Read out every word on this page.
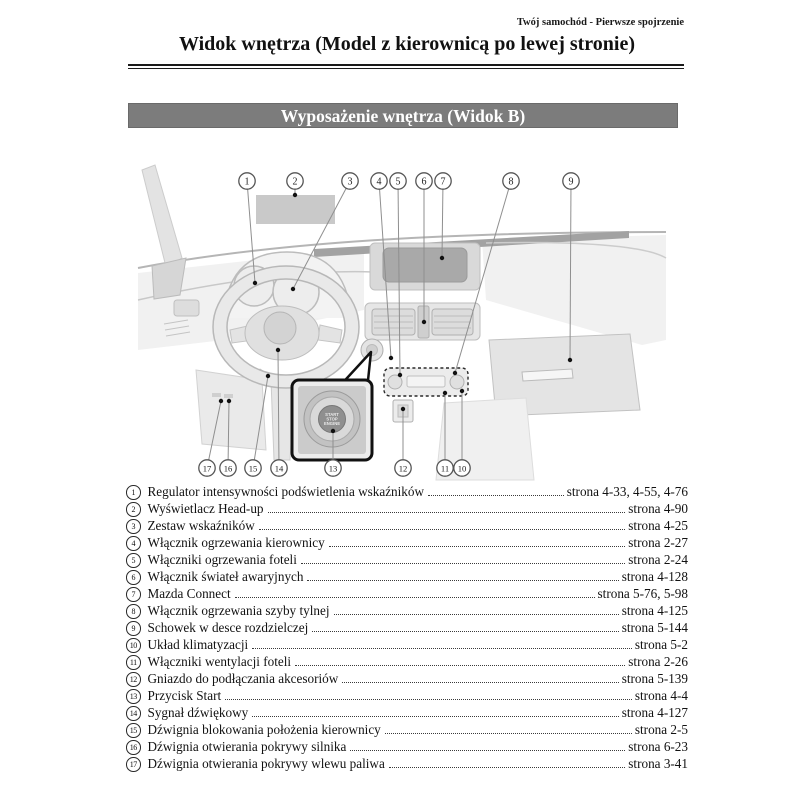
Twój samochód - Pierwsze spojrzenie
Widok wnętrza (Model z kierownicą po lewej stronie)
Wyposażenie wnętrza (Widok B)
START
STOP
ENGINE
1	2	3 4 5 6 7	8	9
10
11
12
13
14
15
16
17
1 Regulator intensywności podświetlenia wskaźników	strona 4-33, 4-55, 4-76
2 Wyświetlacz Head-up	strona 4-90
3 Zestaw wskaźników	strona 4-25
4 Włącznik ogrzewania kierownicy	strona 2-27
5 Włączniki ogrzewania foteli	strona 2-24
6 Włącznik świateł awaryjnych	strona 4-128
7 Mazda Connect	strona 5-76, 5-98
8 Włącznik ogrzewania szyby tylnej	strona 4-125
9 Schowek w desce rozdzielczej	strona 5-144
10 Układ klimatyzacji	strona 5-2
11 Włączniki wentylacji foteli	strona 2-26
12 Gniazdo do podłączania akcesoriów	strona 5-139
13 Przycisk Start	strona 4-4
14 Sygnał dźwiękowy	strona 4-127
15 Dźwignia blokowania położenia kierownicy	strona 2-5
16 Dźwignia otwierania pokrywy silnika	strona 6-23
17 Dźwignia otwierania pokrywy wlewu paliwa	strona 3-41
